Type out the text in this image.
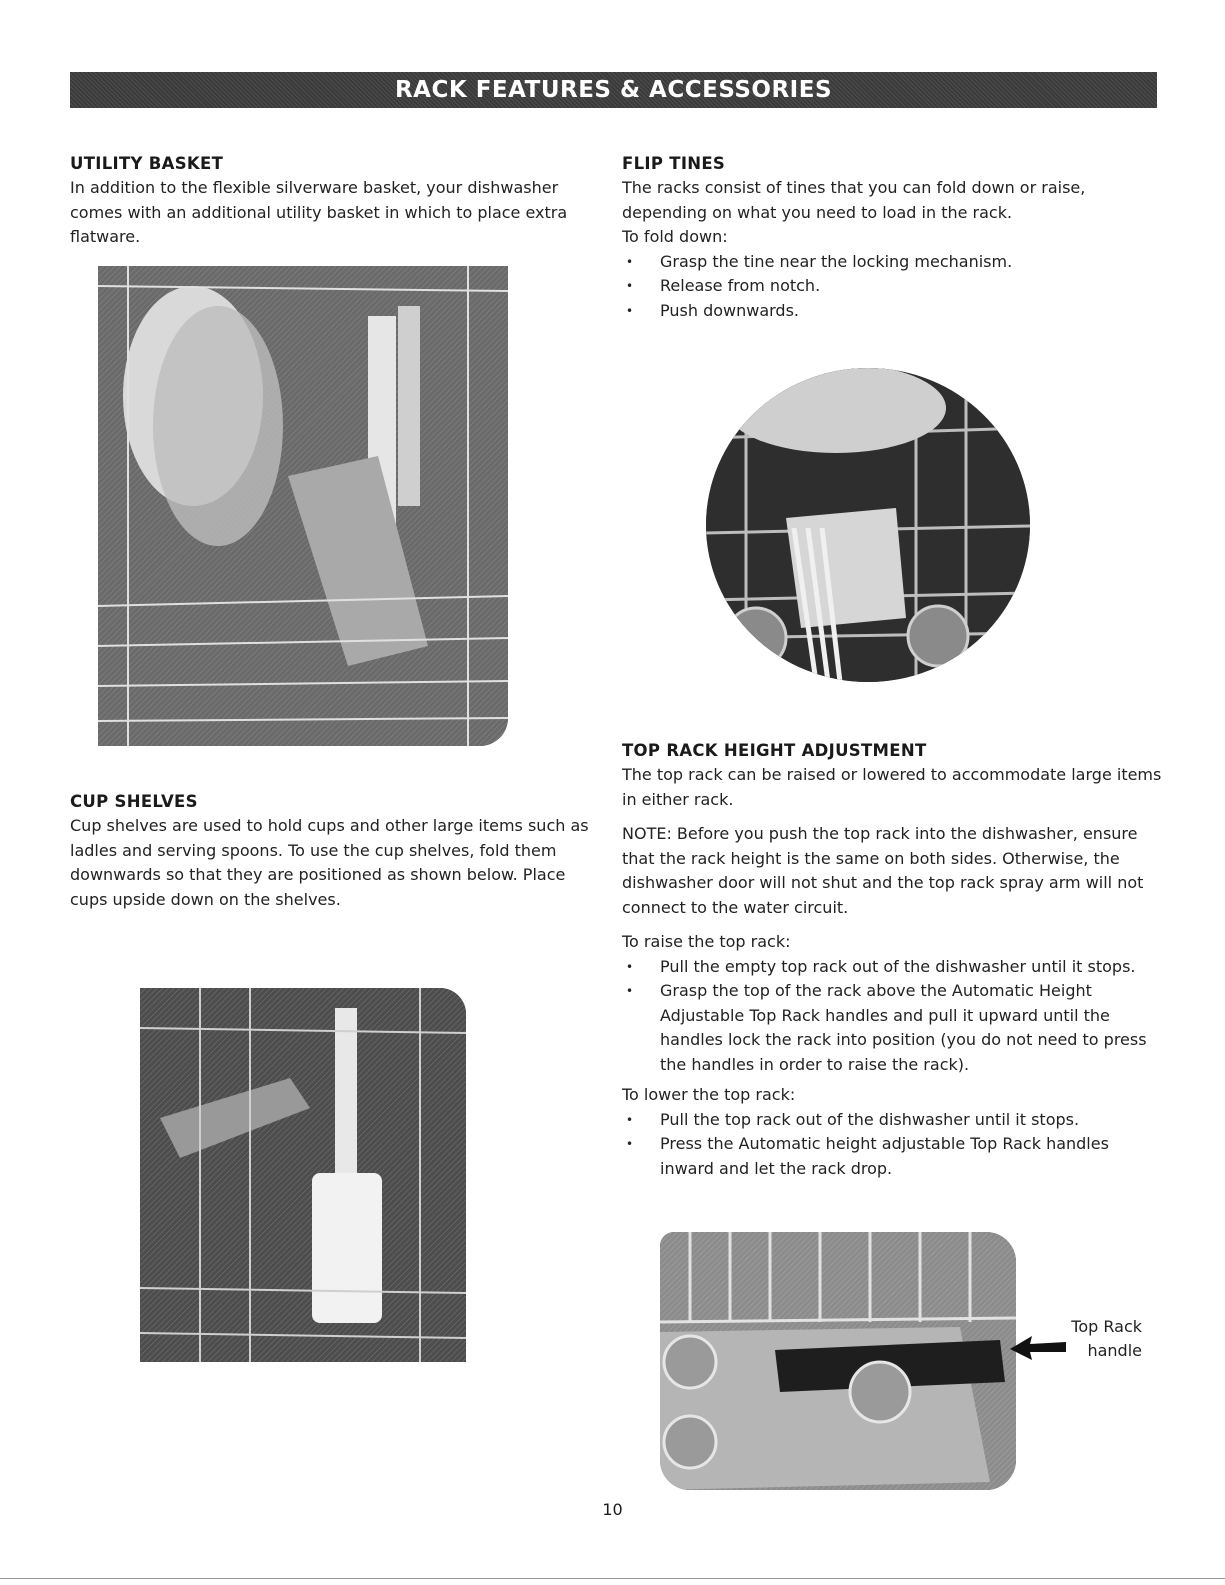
RACK FEATURES & ACCESSORIES
UTILITY BASKET

In addition to the flexible silverware basket, your dishwasher comes with an additional utility basket in which to place extra flatware.

CUP SHELVES

Cup shelves are used to hold cups and other large items such as ladles and serving spoons. To use the cup shelves, fold them downwards so that they are positioned as shown below. Place cups upside down on the shelves.

FLIP TINES

The racks consist of tines that you can fold down or raise, depending on what you need to load in the rack.

To fold down:

• Grasp the tine near the locking mechanism.
• Release from notch.
• Push downwards.
TOP RACK HEIGHT ADJUSTMENT

The top rack can be raised or lowered to accommodate large items in either rack.

NOTE: Before you push the top rack into the dishwasher, ensure that the rack height is the same on both sides. Otherwise, the dishwasher door will not shut and the top rack spray arm will not connect to the water circuit.

To raise the top rack:

• Pull the empty top rack out of the dishwasher until it stops.
• Grasp the top of the rack above the Automatic Height Adjustable Top Rack handles and pull it upward until the handles lock the rack into position (you do not need to press the handles in order to raise the rack).

To lower the top rack:

• Pull the top rack out of the dishwasher until it stops.
• Press the Automatic height adjustable Top Rack handles inward and let the rack drop.
Top Rack
handle
10
